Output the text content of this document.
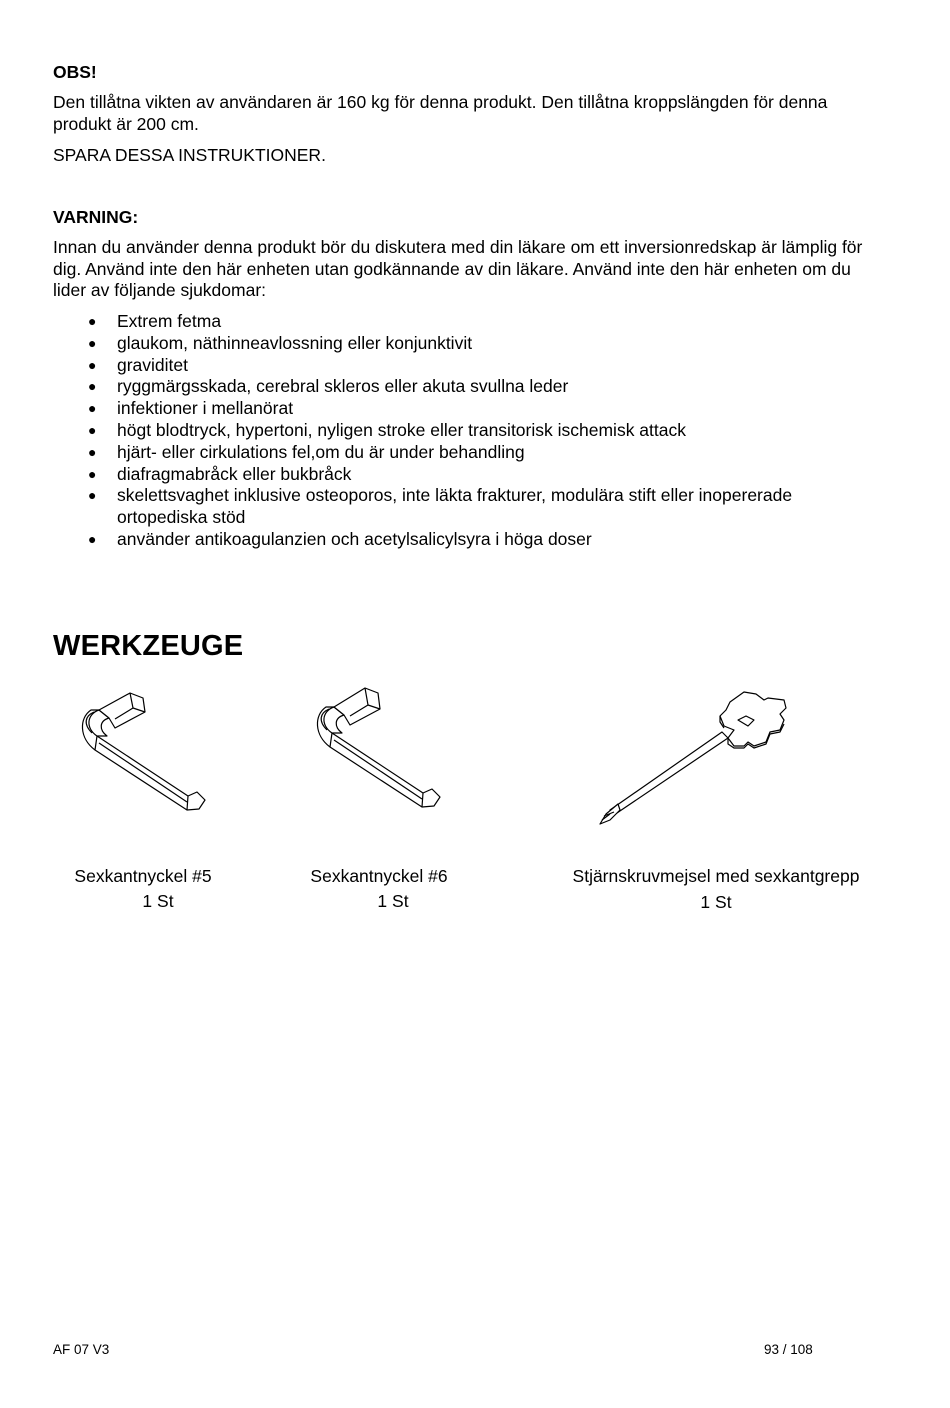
OBS!
Den tillåtna vikten av användaren är 160 kg för denna produkt. Den tillåtna kroppslängden för denna produkt är 200 cm.
SPARA DESSA INSTRUKTIONER.
VARNING:
Innan du använder denna produkt bör du diskutera med din läkare om ett inversionredskap är lämplig för dig. Använd inte den här enheten utan godkännande av din läkare. Använd inte den här enheten om du lider av följande sjukdomar:
● Extrem fetma
● glaukom, näthinneavlossning eller konjunktivit
● graviditet
● ryggmärgsskada, cerebral skleros eller akuta svullna leder
● infektioner i mellanörat
● högt blodtryck, hypertoni, nyligen stroke eller transitorisk ischemisk attack
● hjärt- eller cirkulations fel,om du är under behandling
● diafragmabråck eller bukbråck
● skelettsvaghet inklusive osteoporos, inte läkta frakturer, modulära stift eller inopererade ortopediska stöd
● använder antikoagulanzien och acetylsalicylsyra i höga doser
WERKZEUGE
Sexkantnyckel #5
1 St
Sexkantnyckel #6
1 St
Stjärnskruvmejsel med sexkantgrepp
1 St
AF 07 V3	93 / 108
